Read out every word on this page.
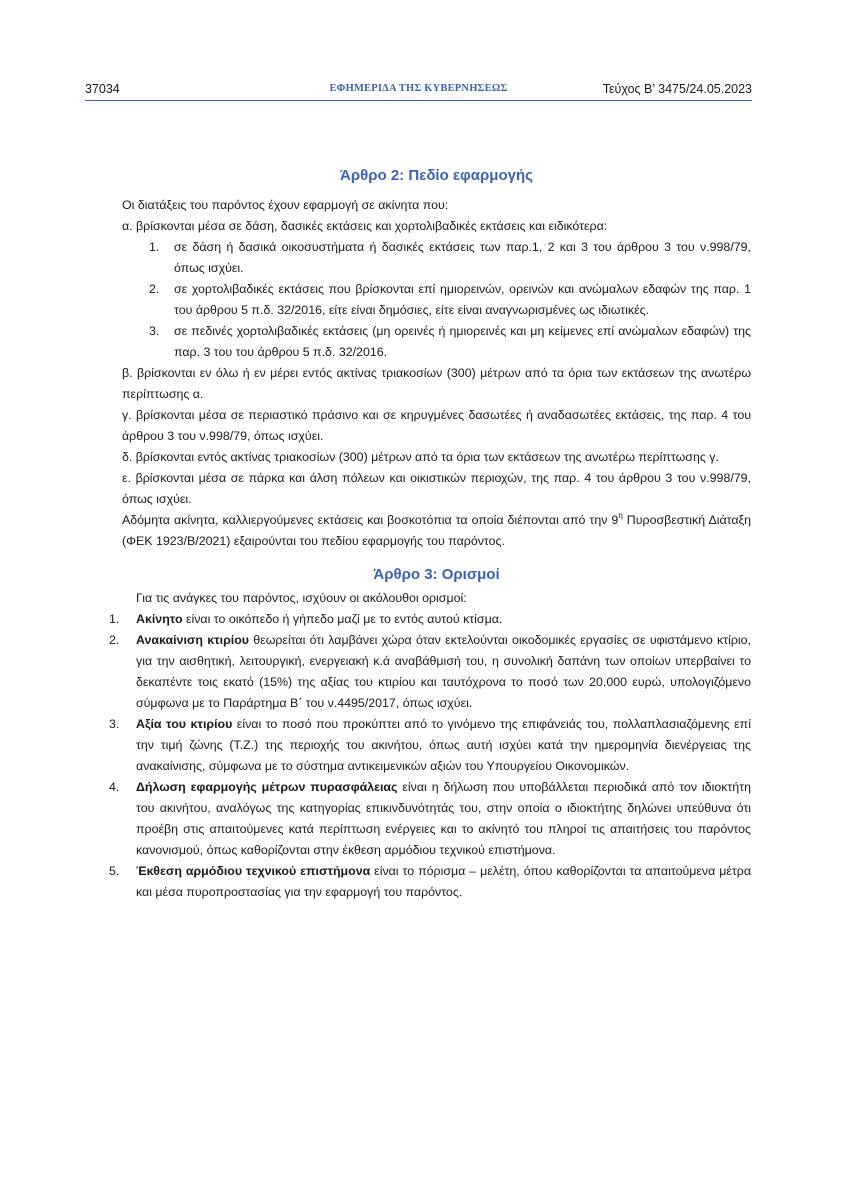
37034	ΕΦΗΜΕΡΙΔΑ ΤΗΣ ΚΥΒΕΡΝΗΣΕΩΣ	Τεύχος Β’ 3475/24.05.2023
Άρθρο 2: Πεδίο εφαρμογής

Οι διατάξεις του παρόντος έχουν εφαρμογή σε ακίνητα που:

α. βρίσκονται μέσα σε δάση, δασικές εκτάσεις και χορτολιβαδικές εκτάσεις και ειδικότερα:

1. σε δάση ή δασικά οικοσυστήματα ή δασικές εκτάσεις των παρ.1, 2 και 3 του άρθρου 3 του ν.998/79, όπως ισχύει.
2. σε χορτολιβαδικές εκτάσεις που βρίσκονται επί ημιορεινών, ορεινών και ανώμαλων εδαφών της παρ. 1 του άρθρου 5 π.δ. 32/2016, είτε είναι δημόσιες, είτε είναι αναγνωρισμένες ως ιδιωτικές.
3. σε πεδινές χορτολιβαδικές εκτάσεις (μη ορεινές ή ημιορεινές και μη κείμενες επί ανώμαλων εδαφών) της παρ. 3 του του άρθρου 5 π.δ. 32/2016.

β. βρίσκονται εν όλω ή εν μέρει εντός ακτίνας τριακοσίων (300) μέτρων από τα όρια των εκτάσεων της ανωτέρω περίπτωσης α.

γ. βρίσκονται μέσα σε περιαστικό πράσινο και σε κηρυγμένες δασωτέες ή αναδασωτέες εκτάσεις, της παρ. 4 του άρθρου 3 του ν.998/79, όπως ισχύει.

δ. βρίσκονται εντός ακτίνας τριακοσίων (300) μέτρων από τα όρια των εκτάσεων της ανωτέρω περίπτωσης γ.

ε. βρίσκονται μέσα σε πάρκα και άλση πόλεων και οικιστικών περιοχών, της παρ. 4 του άρθρου 3 του ν.998/79, όπως ισχύει.

Αδόμητα ακίνητα, καλλιεργούμενες εκτάσεις και βοσκοτόπια τα οποία διέπονται από την $9^\eta$ Πυροσβεστική Διάταξη (ΦΕΚ 1923/Β/2021) εξαιρούνται του πεδίου εφαρμογής του παρόντος.

Άρθρο 3: Ορισμοί

Για τις ανάγκες του παρόντος, ισχύουν οι ακόλουθοι ορισμοί:

1. Ακίνητο είναι το οικόπεδο ή γήπεδο μαζί με το εντός αυτού κτίσμα.
2. Ανακαίνιση κτιρίου θεωρείται ότι λαμβάνει χώρα όταν εκτελούνται οικοδομικές εργασίες σε υφιστάμενο κτίριο, για την αισθητική, λειτουργική, ενεργειακή κ.ά αναβάθμισή του, η συνολική δαπάνη των οποίων υπερβαίνει το δεκαπέντε τοις εκατό (15%) της αξίας του κτιρίου και ταυτόχρονα το ποσό των 20.000 ευρώ, υπολογιζόμενο σύμφωνα με το Παράρτημα Β΄ του ν.4495/2017, όπως ισχύει.
3. Αξία του κτιρίου είναι το ποσό που προκύπτει από το γινόμενο της επιφάνειάς του, πολλαπλασιαζόμενης επί την τιμή ζώνης (Τ.Ζ.) της περιοχής του ακινήτου, όπως αυτή ισχύει κατά την ημερομηνία διενέργειας της ανακαίνισης, σύμφωνα με το σύστημα αντικειμενικών αξιών του Υπουργείου Οικονομικών.
4. Δήλωση εφαρμογής μέτρων πυρασφάλειας είναι η δήλωση που υποβάλλεται περιοδικά από τον ιδιοκτήτη του ακινήτου, αναλόγως της κατηγορίας επικινδυνότητάς του, στην οποία ο ιδιοκτήτης δηλώνει υπεύθυνα ότι προέβη στις απαιτούμενες κατά περίπτωση ενέργειες και το ακίνητό του πληροί τις απαιτήσεις του παρόντος κανονισμού, όπως καθορίζονται στην έκθεση αρμόδιου τεχνικού επιστήμονα.
5. Έκθεση αρμόδιου τεχνικού επιστήμονα είναι το πόρισμα – μελέτη, όπου καθορίζονται τα απαιτούμενα μέτρα και μέσα πυροπροστασίας για την εφαρμογή του παρόντος.
